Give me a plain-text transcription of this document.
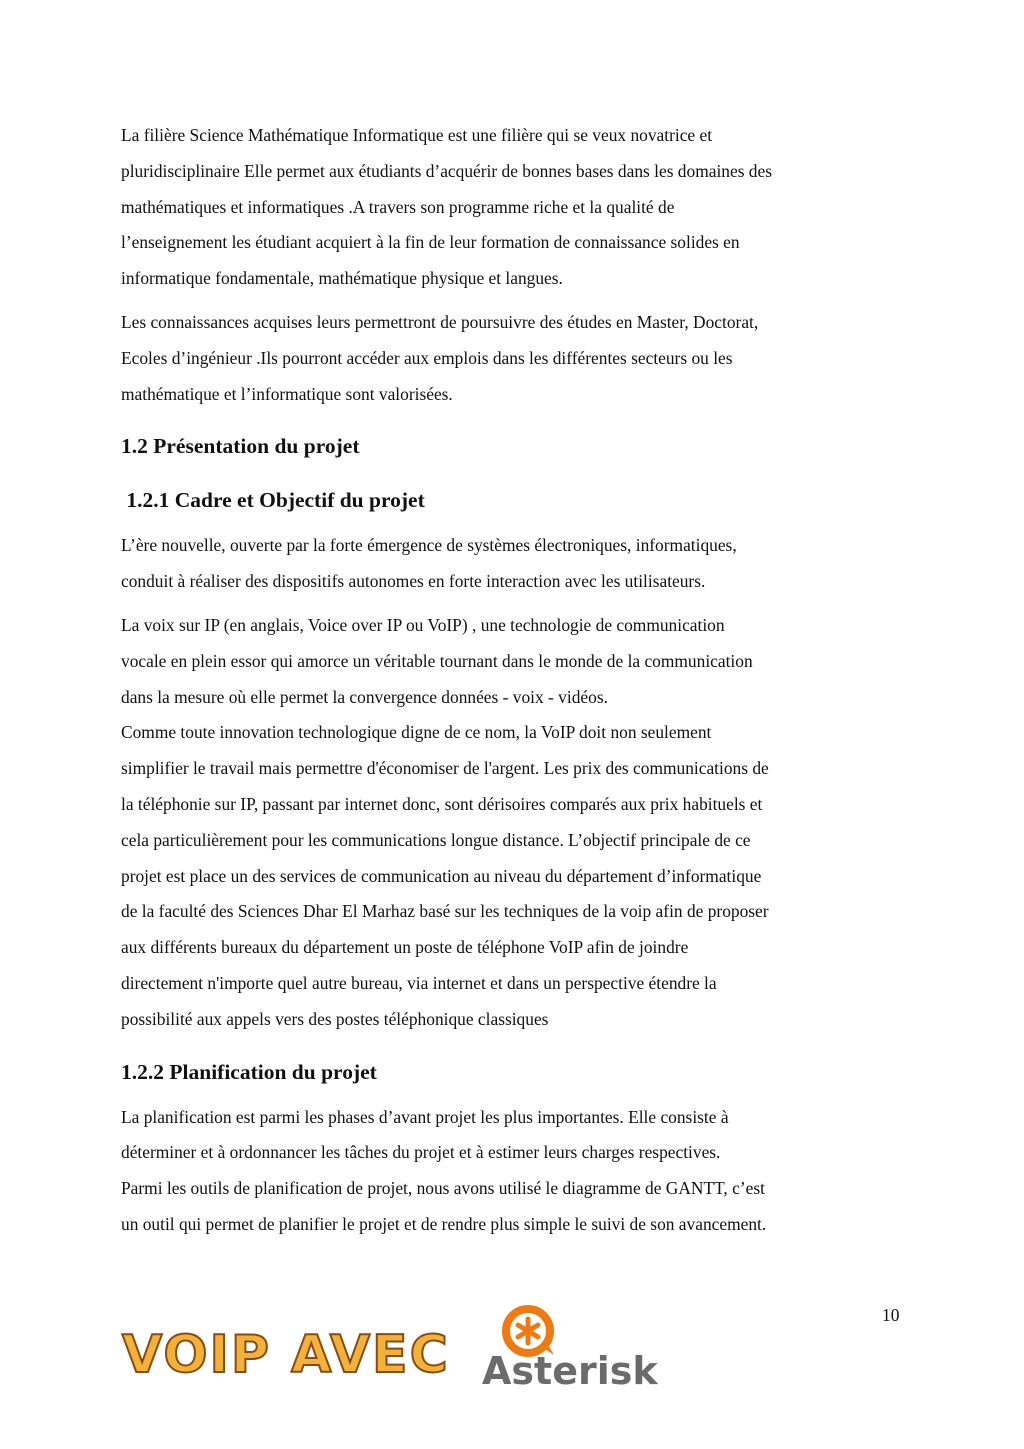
La filière Science Mathématique Informatique est une filière qui se veux novatrice et

pluridisciplinaire Elle permet aux étudiants d’acquérir de bonnes bases dans les domaines des

mathématiques et informatiques .A travers son programme riche et la qualité de

l’enseignement les étudiant acquiert à la fin de leur formation de connaissance solides en

informatique fondamentale, mathématique physique et langues.

Les connaissances acquises leurs permettront de poursuivre des études en Master, Doctorat,

Ecoles d’ingénieur .Ils pourront accéder aux emplois dans les différentes secteurs ou les

mathématique et l’informatique sont valorisées.

1.2 Présentation du projet
1.2.1 Cadre et Objectif du projet

L’ère nouvelle, ouverte par la forte émergence de systèmes électroniques, informatiques,

conduit à réaliser des dispositifs autonomes en forte interaction avec les utilisateurs.

La voix sur IP (en anglais, Voice over IP ou VoIP) , une technologie de communication

vocale en plein essor qui amorce un véritable tournant dans le monde de la communication

dans la mesure où elle permet la convergence données - voix - vidéos.

Comme toute innovation technologique digne de ce nom, la VoIP doit non seulement

simplifier le travail mais permettre d'économiser de l'argent. Les prix des communications de

la téléphonie sur IP, passant par internet donc, sont dérisoires comparés aux prix habituels et

cela particulièrement pour les communications longue distance. L’objectif principale de ce

projet est place un des services de communication au niveau du département d’informatique

de la faculté des Sciences Dhar El Marhaz basé sur les techniques de la voip afin de proposer

aux différents bureaux du département un poste de téléphone VoIP afin de joindre

directement n'importe quel autre bureau, via internet et dans un perspective étendre la

possibilité aux appels vers des postes téléphonique classiques

1.2.2 Planification du projet

La planification est parmi les phases d’avant projet les plus importantes. Elle consiste à

déterminer et à ordonnancer les tâches du projet et à estimer leurs charges respectives.

Parmi les outils de planification de projet, nous avons utilisé le diagramme de GANTT, c’est

un outil qui permet de planifier le projet et de rendre plus simple le suivi de son avancement.

10
VOIP AVEC Asterisk
